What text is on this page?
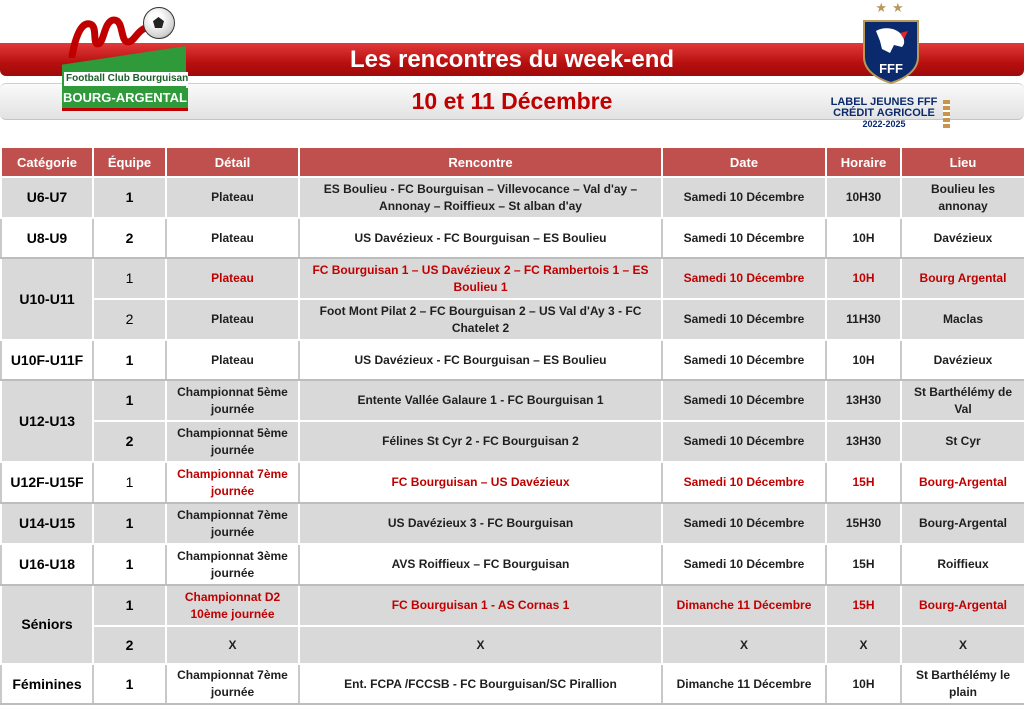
Les rencontres du week-end
10 et 11 Décembre
Football Club Bourguisan
BOURG-ARGENTAL
★★
FFF
LABEL JEUNES FFF
CRÉDIT AGRICOLE
2022-2025
Catégorie	Équipe	Détail	Rencontre	Date	Horaire	Lieu
U6-U7	1	Plateau	ES Boulieu - FC Bourguisan – Villevocance – Val d'ay – Annonay – Roiffieux – St alban d'ay	Samedi 10 Décembre	10H30	Boulieu les annonay
U8-U9	2	Plateau	US Davézieux - FC Bourguisan – ES Boulieu	Samedi 10 Décembre	10H	Davézieux
U10-U11	1	Plateau	FC Bourguisan 1 – US Davézieux 2 – FC Rambertois 1 – ES Boulieu 1	Samedi 10 Décembre	10H	Bourg Argental
	2	Plateau	Foot Mont Pilat 2 – FC Bourguisan 2 – US Val d'Ay 3 - FC Chatelet 2	Samedi 10 Décembre	11H30	Maclas
U10F-U11F	1	Plateau	US Davézieux - FC Bourguisan – ES Boulieu	Samedi 10 Décembre	10H	Davézieux
U12-U13	1	Championnat 5ème journée	Entente Vallée Galaure 1 - FC Bourguisan 1	Samedi 10 Décembre	13H30	St Barthélémy de Val
	2	Championnat 5ème journée	Félines St Cyr 2 - FC Bourguisan 2	Samedi 10 Décembre	13H30	St Cyr
U12F-U15F	1	Championnat 7ème journée	FC Bourguisan – US Davézieux	Samedi 10 Décembre	15H	Bourg-Argental
U14-U15	1	Championnat 7ème journée	US Davézieux 3 - FC Bourguisan	Samedi 10 Décembre	15H30	Bourg-Argental
U16-U18	1	Championnat 3ème journée	AVS Roiffieux – FC Bourguisan	Samedi 10 Décembre	15H	Roiffieux
Séniors	1	Championnat D2 10ème journée	FC Bourguisan 1 - AS Cornas 1	Dimanche 11 Décembre	15H	Bourg-Argental
	2	X	X	X	X	X
Féminines	1	Championnat 7ème journée	Ent. FCPA /FCCSB - FC Bourguisan/SC Pirallion	Dimanche 11 Décembre	10H	St Barthélémy le plain
